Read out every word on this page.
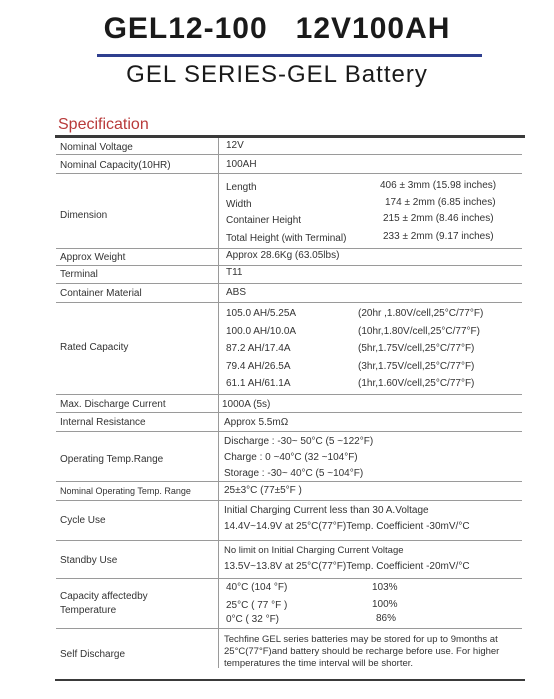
GEL12-100   12V100AH
GEL SERIES-GEL Battery
Specification
Nominal Voltage	12V
Nominal Capacity(10HR)	100AH
Dimension
Length	406 ± 3mm (15.98 inches)
Width	174 ± 2mm (6.85 inches)
Container Height	215 ± 2mm (8.46 inches)
Total Height (with Terminal)	233 ± 2mm (9.17 inches)
Approx Weight	Approx 28.6Kg (63.05lbs)
Terminal	T11
Container Material	ABS
Rated Capacity
105.0 AH/5.25A	(20hr ,1.80V/cell,25°C/77°F)
100.0 AH/10.0A	(10hr,1.80V/cell,25°C/77°F)
87.2 AH/17.4A	(5hr,1.75V/cell,25°C/77°F)
79.4 AH/26.5A	(3hr,1.75V/cell,25°C/77°F)
61.1 AH/61.1A	(1hr,1.60V/cell,25°C/77°F)
Max. Discharge Current	1000A (5s)
Internal Resistance	Approx 5.5mΩ
Operating Temp.Range
Discharge : -30~ 50°C (5 ~122°F)
Charge : 0 ~40°C (32 ~104°F)
Storage : -30~ 40°C (5 ~104°F)
Nominal Operating Temp. Range	25±3°C (77±5°F )
Cycle Use
Initial Charging Current less than 30 A.Voltage
14.4V~14.9V at 25°C(77°F)Temp. Coefficient -30mV/°C
Standby Use
No limit on Initial Charging Current Voltage
13.5V~13.8V at 25°C(77°F)Temp. Coefficient -20mV/°C
Capacity affectedby
Temperature
40°C (104 °F)	103%
25°C ( 77 °F )	100%
0°C ( 32 °F)	86%
Self Discharge
Techfine GEL series batteries may be stored for up to 9months at 25°C(77°F)and battery should be recharge before use. For higher temperatures the time interval will be shorter.
